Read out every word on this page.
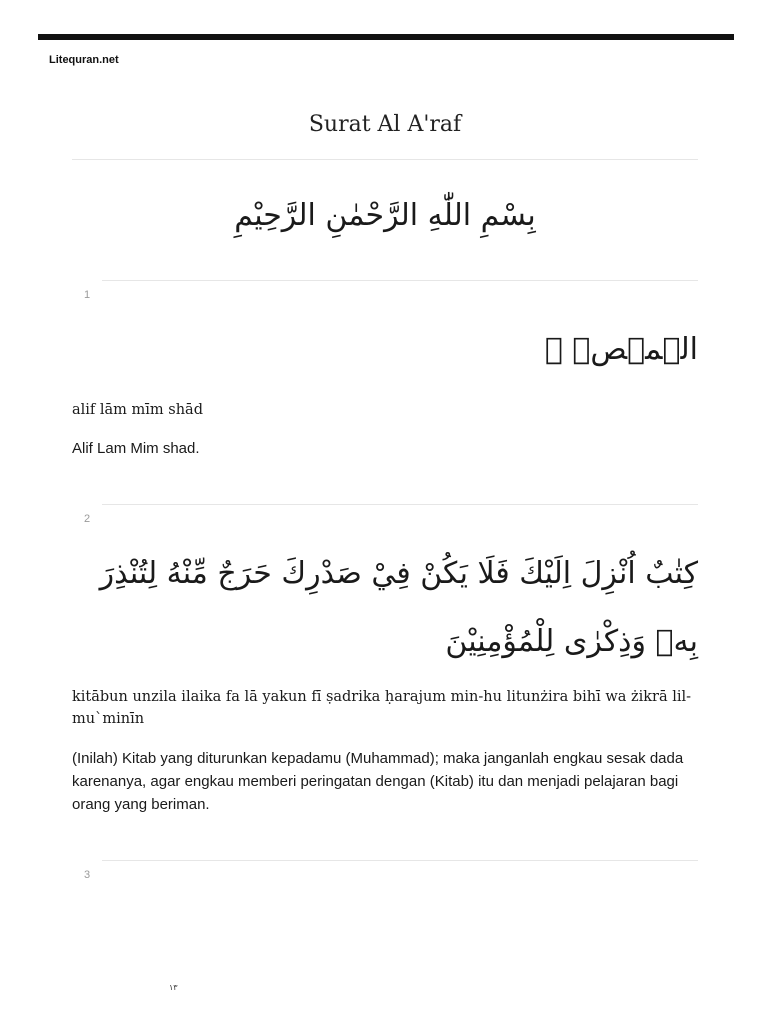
Litequran.net
Surat Al A'raf
بِسْمِ اللّٰهِ الرَّحْمٰنِ الرَّحِيْمِ
1
الۤمۤصۤ ۚ
alif lām mīm shād
Alif Lam Mim shad.
2
كِتٰبٌ اُنْزِلَ اِلَيْكَ فَلَا يَكُنْ فِيْ صَدْرِكَ حَرَجٌ مِّنْهُ لِتُنْذِرَ بِهٖ وَذِكْرٰى لِلْمُؤْمِنِيْنَ
kitābun unzila ilaika fa lā yakun fī ṣadrika ḥarajum min-hu litunżira bihī wa żikrā lil-mu`minīn
(Inilah) Kitab yang diturunkan kepadamu (Muhammad); maka janganlah engkau sesak dada karenanya, agar engkau memberi peringatan dengan (Kitab) itu dan menjadi pelajaran bagi orang yang beriman.
3
١٣
